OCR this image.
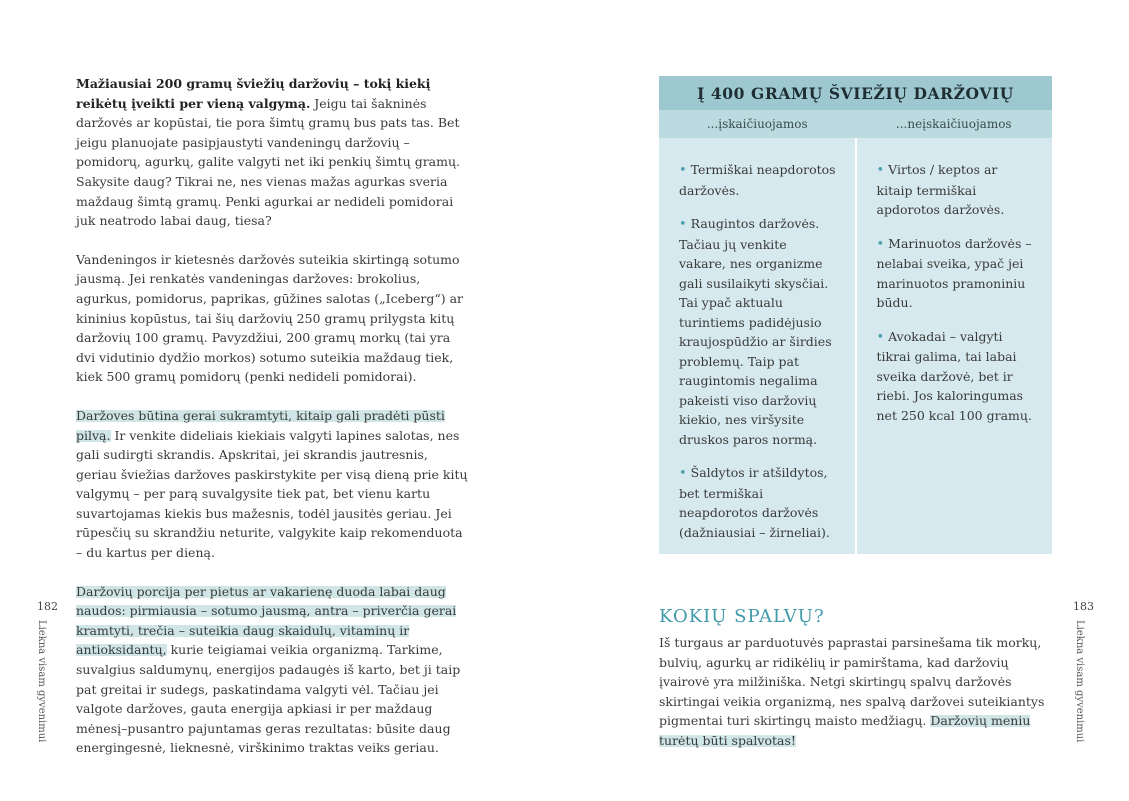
Mažiausiai 200 gramų šviežių daržovių – tokį kiekį reikėtų įveikti per vieną valgymą. Jeigu tai šakninės daržovės ar kopūstai, tie pora šimtų gramų bus pats tas. Bet jeigu planuojate pasipjaustyti vandeningų daržovių – pomidorų, agurkų, galite valgyti net iki penkių šimtų gramų. Sakysite daug? Tikrai ne, nes vienas mažas agurkas sveria maždaug šimtą gramų. Penki agurkai ar nedideli pomidorai juk neatrodo labai daug, tiesa?

Vandeningos ir kietesnės daržovės suteikia skirtingą sotumo jausmą. Jei renkatės vandeningas daržoves: brokolius, agurkus, pomidorus, paprikas, gūžines salotas („Iceberg“) ar kininius kopūstus, tai šių daržovių 250 gramų prilygsta kitų daržovių 100 gramų. Pavyzdžiui, 200 gramų morkų (tai yra dvi vidutinio dydžio morkos) sotumo suteikia maždaug tiek, kiek 500 gramų pomidorų (penki nedideli pomidorai).

Daržoves būtina gerai sukramtyti, kitaip gali pradėti pūsti pilvą. Ir venkite dideliais kiekiais valgyti lapines salotas, nes gali sudirgti skrandis. Apskritai, jei skrandis jautresnis, geriau šviežias daržoves paskirstykite per visą dieną prie kitų valgymų – per parą suvalgysite tiek pat, bet vienu kartu suvartojamas kiekis bus mažesnis, todėl jausitės geriau. Jei rūpesčių su skrandžiu neturite, valgykite kaip rekomenduota – du kartus per dieną.

Daržovių porcija per pietus ar vakarienę duoda labai daug naudos: pirmiausia – sotumo jausmą, antra – priverčia gerai kramtyti, trečia – suteikia daug skaidulų, vitaminų ir antioksidantų, kurie teigiamai veikia organizmą. Tarkime, suvalgius saldumynų, energijos padaugės iš karto, bet ji taip pat greitai ir sudegs, paskatindama valgyti vėl. Tačiau jei valgote daržoves, gauta energija apkiasi ir per maždaug mėnesį–pusantro pajuntamas geras rezultatas: būsite daug energingesnė, lieknesnė, virškinimo traktas veiks geriau.

182
Liekna visam gyvenimui
Į 400 GRAMŲ ŠVIEŽIŲ DARŽOVIŲ
...įskaičiuojamos	...neįskaičiuojamos
• Termiškai neapdorotos daržovės.
• Raugintos daržovės. Tačiau jų venkite vakare, nes organizme gali susilaikyti skysčiai. Tai ypač aktualu turintiems padidėjusio kraujospūdžio ar širdies problemų. Taip pat raugintomis negalima pakeisti viso daržovių kiekio, nes viršysite druskos paros normą.
• Šaldytos ir atšildytos, bet termiškai neapdorotos daržovės (dažniausiai – žirneliai).
• Virtos / keptos ar kitaip termiškai apdorotos daržovės.
• Marinuotos daržovės – nelabai sveika, ypač jei marinuotos pramoniniu būdu.
• Avokadai – valgyti tikrai galima, tai labai sveika daržovė, bet ir riebi. Jos kaloringumas net 250 kcal 100 gramų.
KOKIŲ SPALVŲ?
Iš turgaus ar parduotuvės paprastai parsinešama tik morkų, bulvių, agurkų ar ridikėlių ir pamirštama, kad daržovių įvairovė yra milžiniška. Netgi skirtingų spalvų daržovės skirtingai veikia organizmą, nes spalvą daržovei suteikiantys pigmentai turi skirtingų maisto medžiagų. Daržovių meniu turėtų būti spalvotas!
183
Liekna visam gyvenimui
